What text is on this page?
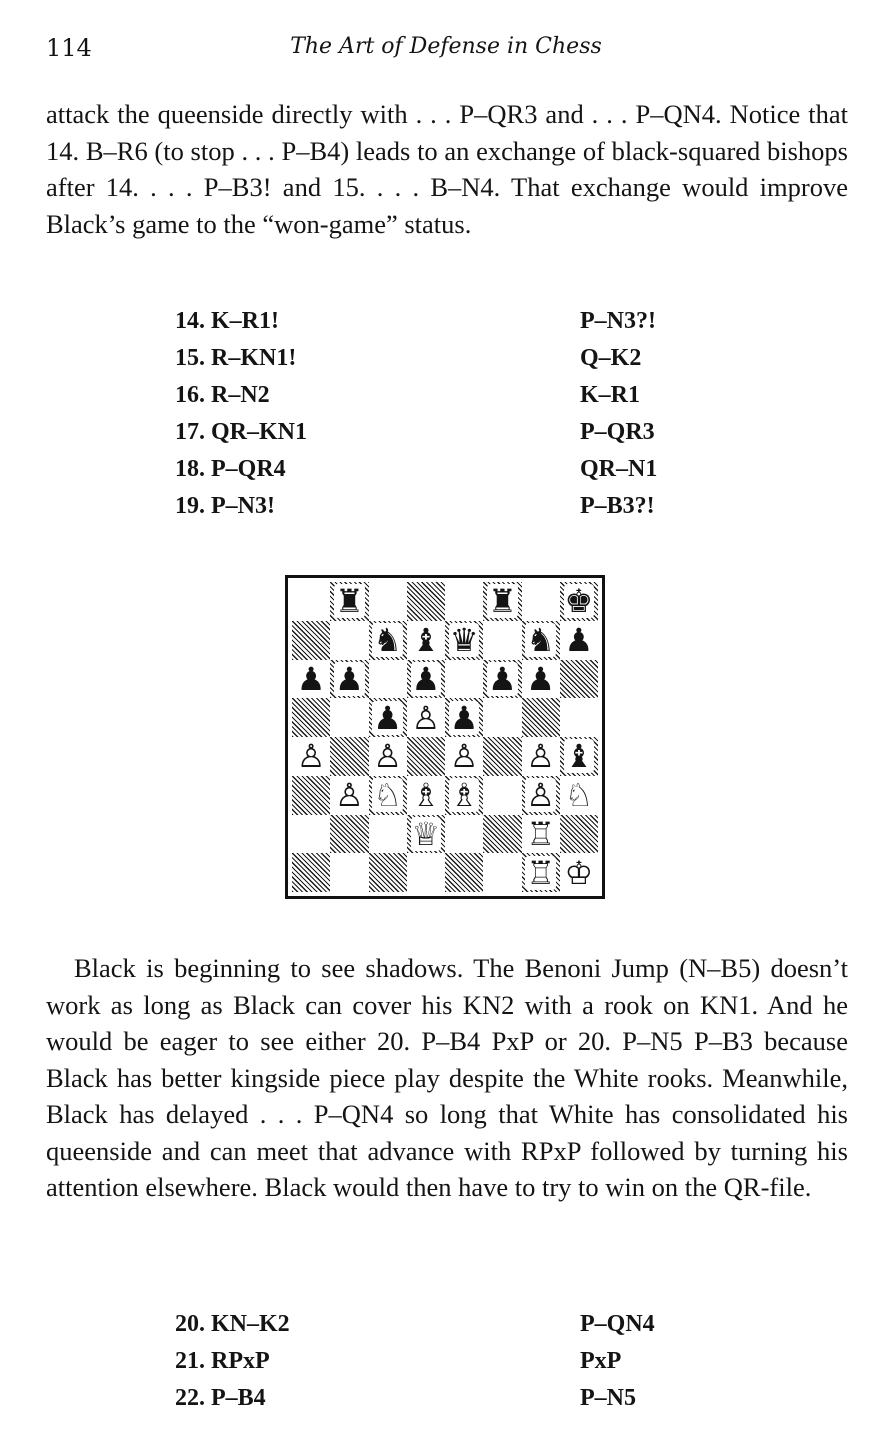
114	The Art of Defense in Chess

attack the queenside directly with . . . P–QR3 and . . . P–QN4. Notice that 14. B–R6 (to stop . . . P–B4) leads to an exchange of black-squared bishops after 14. . . . P–B3! and 15. . . . B–N4. That exchange would improve Black’s game to the “won-game” status.

14. K–R1!	P–N3?!
15. R–KN1!	Q–K2
16. R–N2	K–R1
17. QR–KN1	P–QR3
18. P–QR4	QR–N1
19. P–N3!	P–B3?!
♜	♜ ♚
♞ ♝ ♛ ♞ ♟
♟ ♟ ♟ ♟ ♟
♟ ♙ ♟
♙ ♙ ♙ ♙ ♝
♙ ♘ ♗ ♗ ♙ ♘
♕	♖
♖ ♔

Black is beginning to see shadows. The Benoni Jump (N–B5) doesn’t work as long as Black can cover his KN2 with a rook on KN1. And he would be eager to see either 20. P–B4 PxP or 20. P–N5 P–B3 because Black has better kingside piece play despite the White rooks. Meanwhile, Black has delayed . . . P–QN4 so long that White has consolidated his queenside and can meet that advance with RPxP followed by turning his attention elsewhere. Black would then have to try to win on the QR-file.

20. KN–K2	P–QN4
21. RPxP	PxP
22. P–B4	P–N5
